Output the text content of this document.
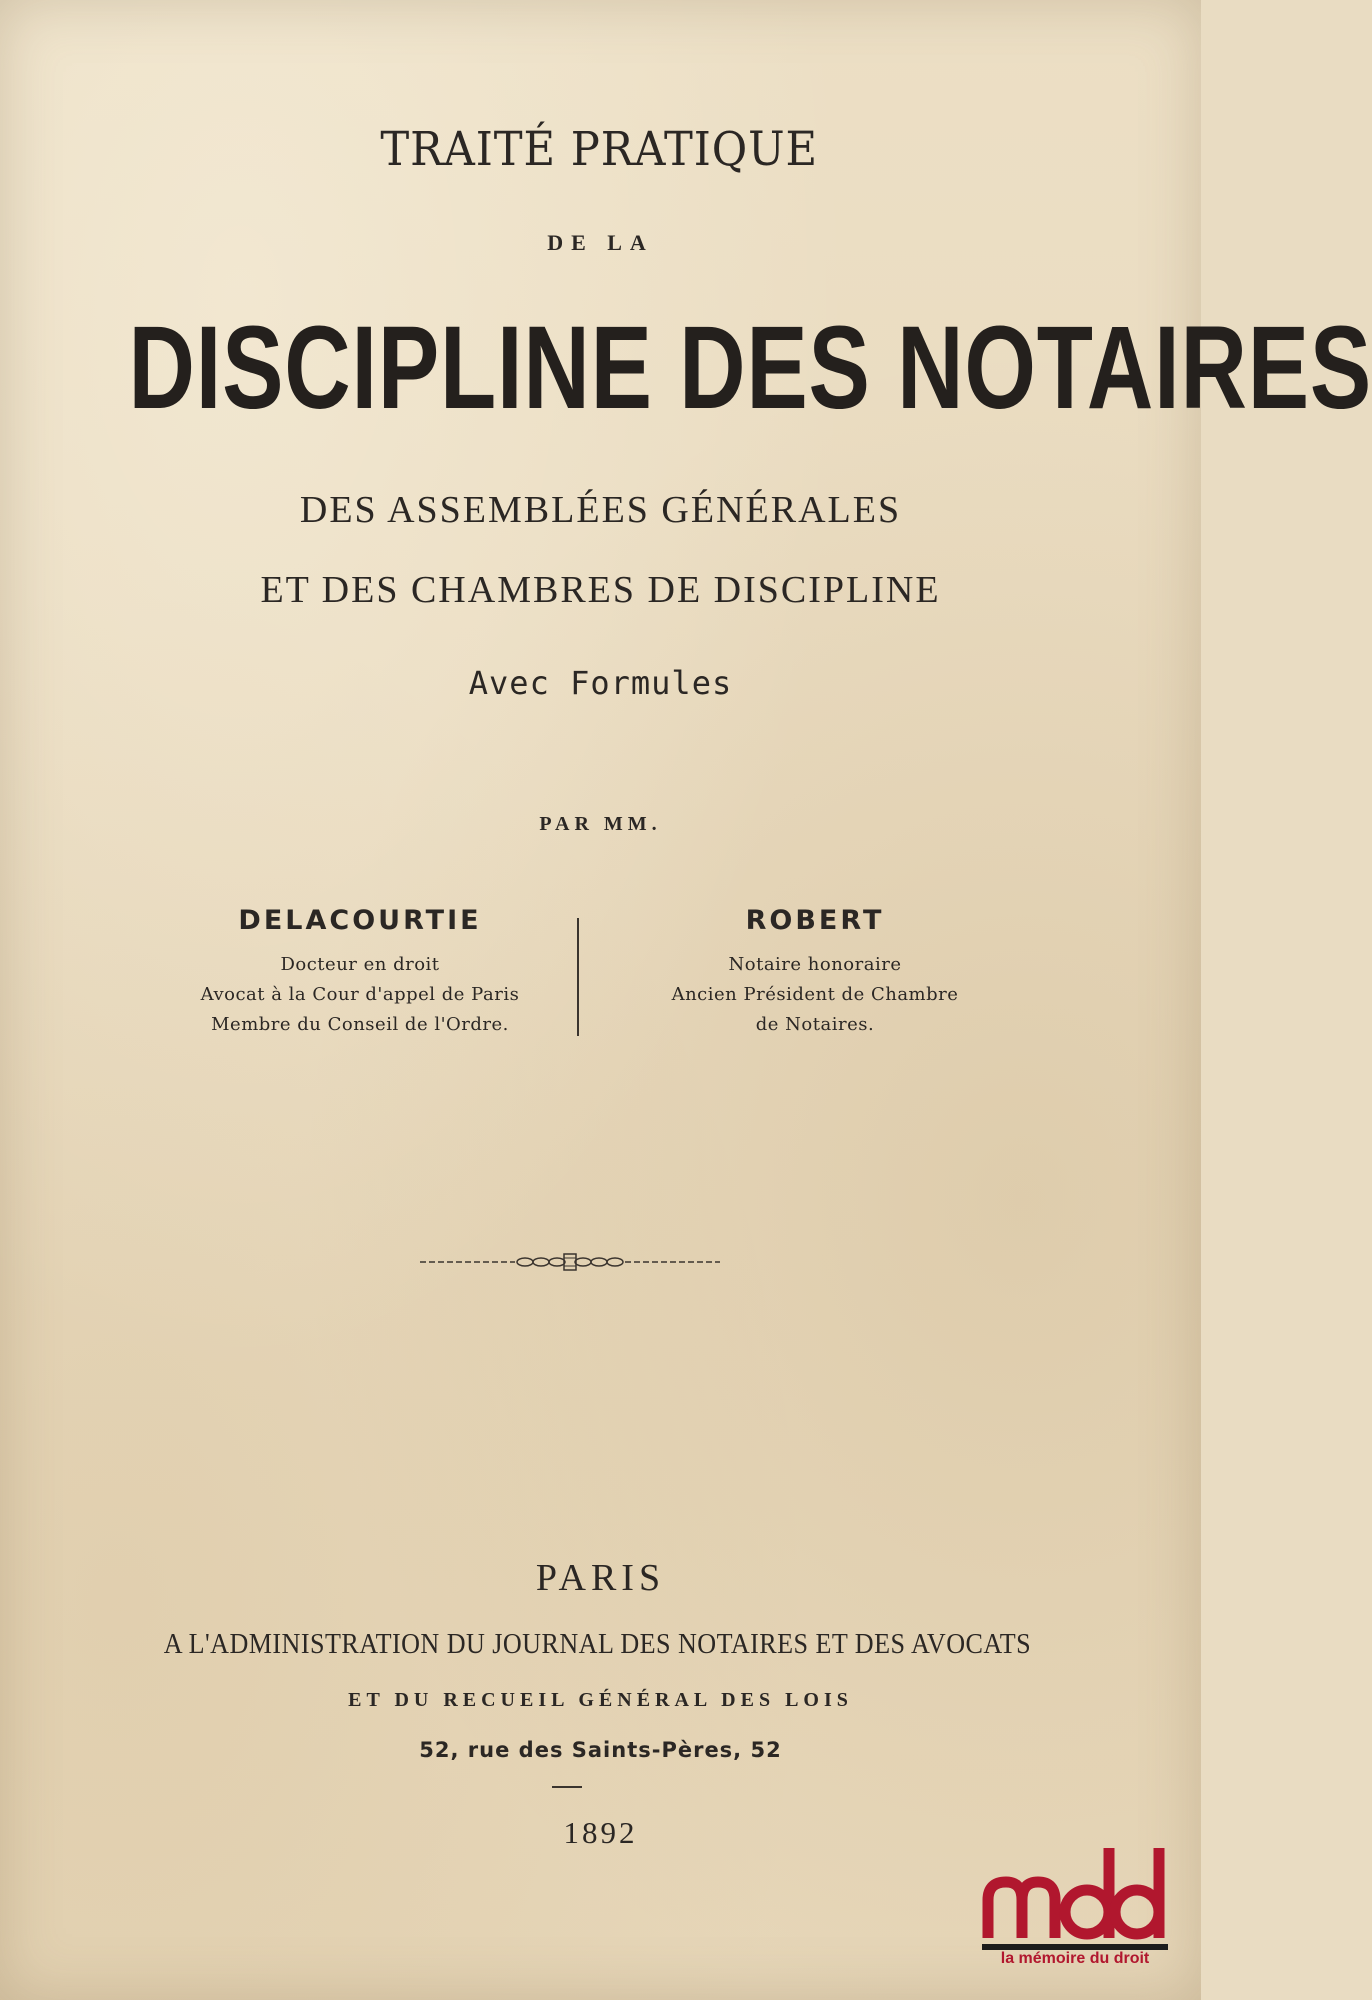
TRAITÉ PRATIQUE
DE LA
DISCIPLINE DES NOTAIRES
DES ASSEMBLÉES GÉNÉRALES
ET DES CHAMBRES DE DISCIPLINE
Avec Formules
PAR MM.
DELACOURTIE
Docteur en droit
Avocat à la Cour d'appel de Paris
Membre du Conseil de l'Ordre.
ROBERT
Notaire honoraire
Ancien Président de Chambre
de Notaires.
PARIS
A L'ADMINISTRATION DU JOURNAL DES NOTAIRES ET DES AVOCATS
ET DU RECUEIL GÉNÉRAL DES LOIS
52, rue des Saints-Pères, 52
1892
la mémoire du droit
